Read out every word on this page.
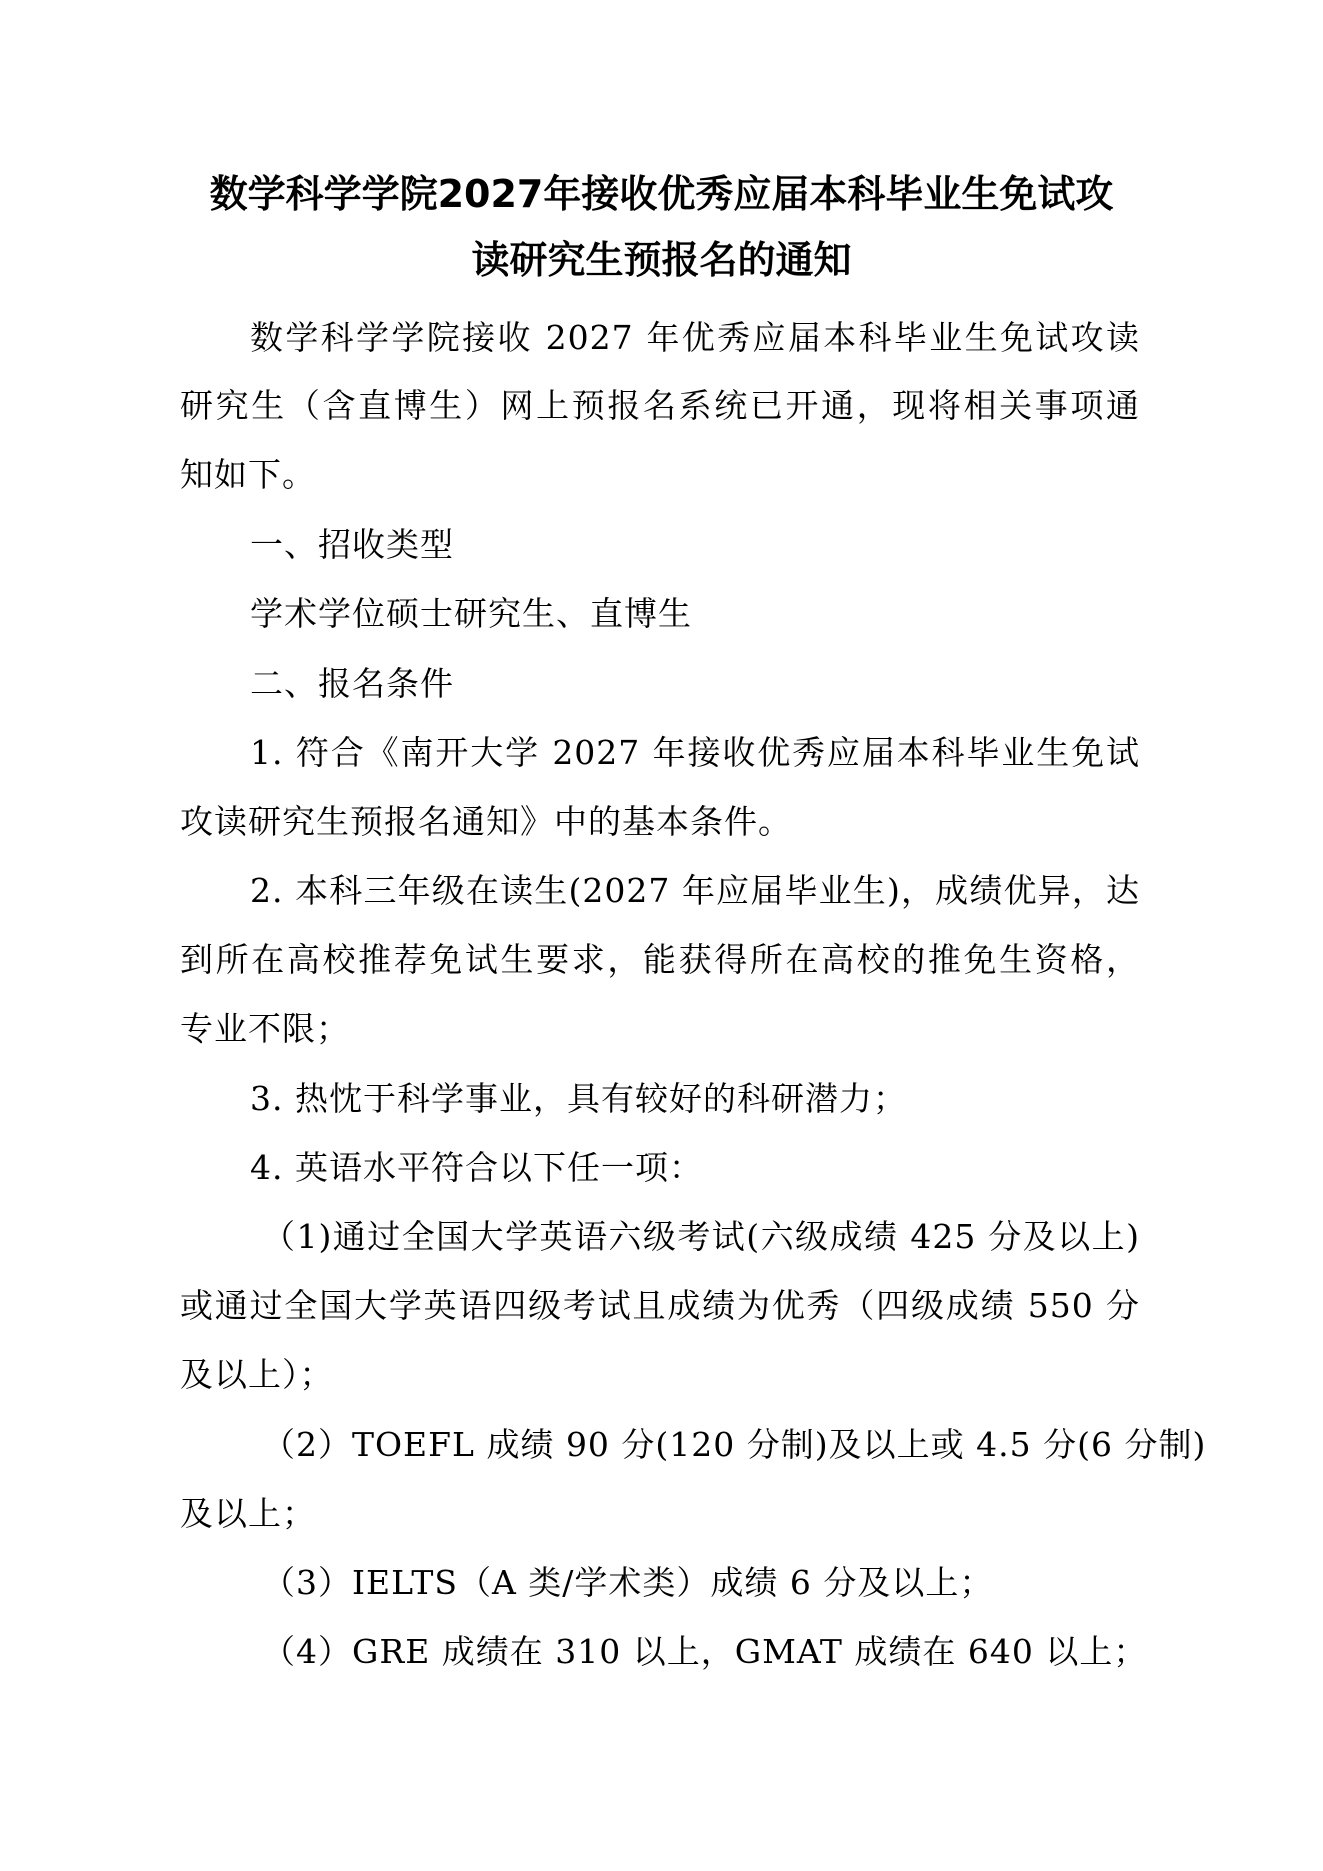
数学科学学院2027年接收优秀应届本科毕业生免试攻
读研究生预报名的通知
数学科学学院接收 2027 年优秀应届本科毕业生免试攻读
研究生（含直博生）网上预报名系统已开通，现将相关事项通
知如下。
一、招收类型
学术学位硕士研究生、直博生
二、报名条件
1. 符合《南开大学 2027 年接收优秀应届本科毕业生免试
攻读研究生预报名通知》中的基本条件。
2. 本科三年级在读生(2027 年应届毕业生)，成绩优异，达
到所在高校推荐免试生要求，能获得所在高校的推免生资格，
专业不限；
3. 热忱于科学事业，具有较好的科研潜力；
4. 英语水平符合以下任一项：
（1)通过全国大学英语六级考试(六级成绩 425 分及以上)
或通过全国大学英语四级考试且成绩为优秀（四级成绩 550 分
及以上）；
（2）TOEFL 成绩 90 分(120 分制)及以上或 4.5 分(6 分制)
及以上；
（3）IELTS（A 类/学术类）成绩 6 分及以上；
（4）GRE 成绩在 310 以上，GMAT 成绩在 640 以上；
